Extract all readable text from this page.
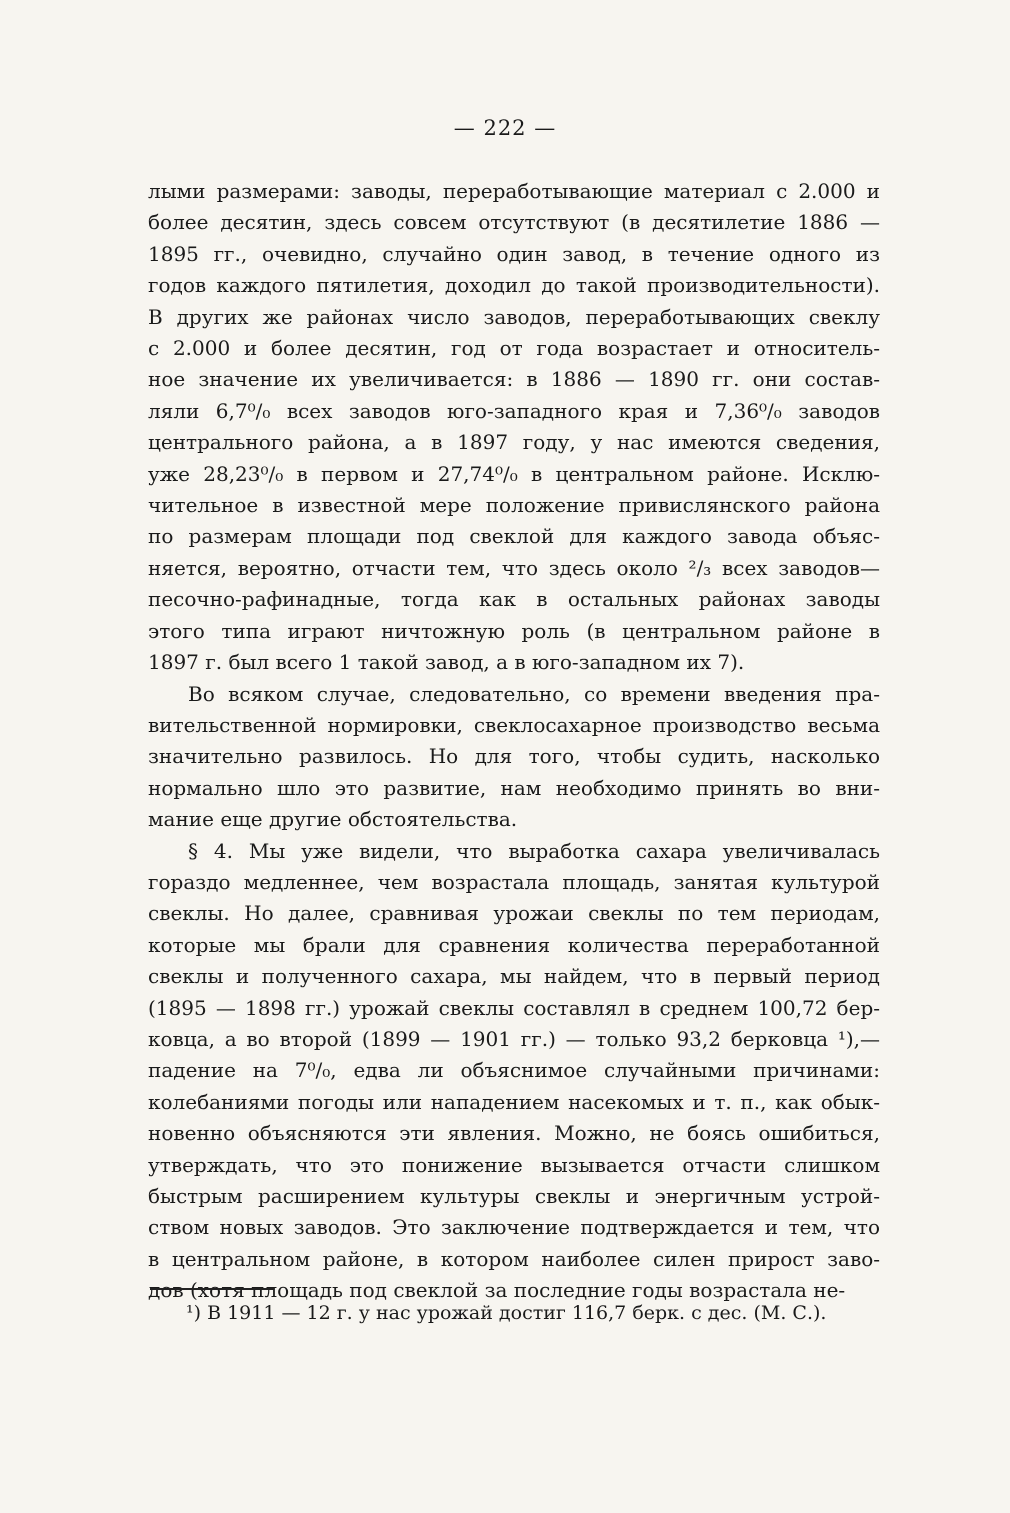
— 222 —
лыми размерами: заводы, переработывающие материал с 2.000 и
более десятин, здесь совсем отсутствуют (в десятилетие 1886 —
1895 гг., очевидно, случайно один завод, в течение одного из
годов каждого пятилетия, доходил до такой производительности).
В других же районах число заводов, переработывающих свеклу
с 2.000 и более десятин, год от года возрастает и относитель-
ное значение их увеличивается: в 1886 — 1890 гг. они состав-
ляли 6,7⁰/₀ всех заводов юго-западного края и 7,36⁰/₀ заводов
центрального района, а в 1897 году, у нас имеются сведения,
уже 28,23⁰/₀ в первом и 27,74⁰/₀ в центральном районе. Исклю-
чительное в известной мере положение привислянского района
по размерам площади под свеклой для каждого завода объяс-
няется, вероятно, отчасти тем, что здесь около ²/₃ всех заводов—
песочно-рафинадные, тогда как в остальных районах заводы
этого типа играют ничтожную роль (в центральном районе в
1897 г. был всего 1 такой завод, а в юго-западном их 7).
Во всяком случае, следовательно, со времени введения пра-
вительственной нормировки, свеклосахарное производство весьма
значительно развилось. Но для того, чтобы судить, насколько
нормально шло это развитие, нам необходимо принять во вни-
мание еще другие обстоятельства.
§ 4. Мы уже видели, что выработка сахара увеличивалась
гораздо медленнее, чем возрастала площадь, занятая культурой
свеклы. Но далее, сравнивая урожаи свеклы по тем периодам,
которые мы брали для сравнения количества переработанной
свеклы и полученного сахара, мы найдем, что в первый период
(1895 — 1898 гг.) урожай свеклы составлял в среднем 100,72 бер-
ковца, а во второй (1899 — 1901 гг.) — только 93,2 берковца ¹),—
падение на 7⁰/₀, едва ли объяснимое случайными причинами:
колебаниями погоды или нападением насекомых и т. п., как обык-
новенно объясняются эти явления. Можно, не боясь ошибиться,
утверждать, что это понижение вызывается отчасти слишком
быстрым расширением культуры свеклы и энергичным устрой-
ством новых заводов. Это заключение подтверждается и тем, что
в центральном районе, в котором наиболее силен прирост заво-
дов (хотя площадь под свеклой за последние годы возрастала не-
¹) В 1911 — 12 г. у нас урожай достиг 116,7 берк. с дес. (М. С.).
